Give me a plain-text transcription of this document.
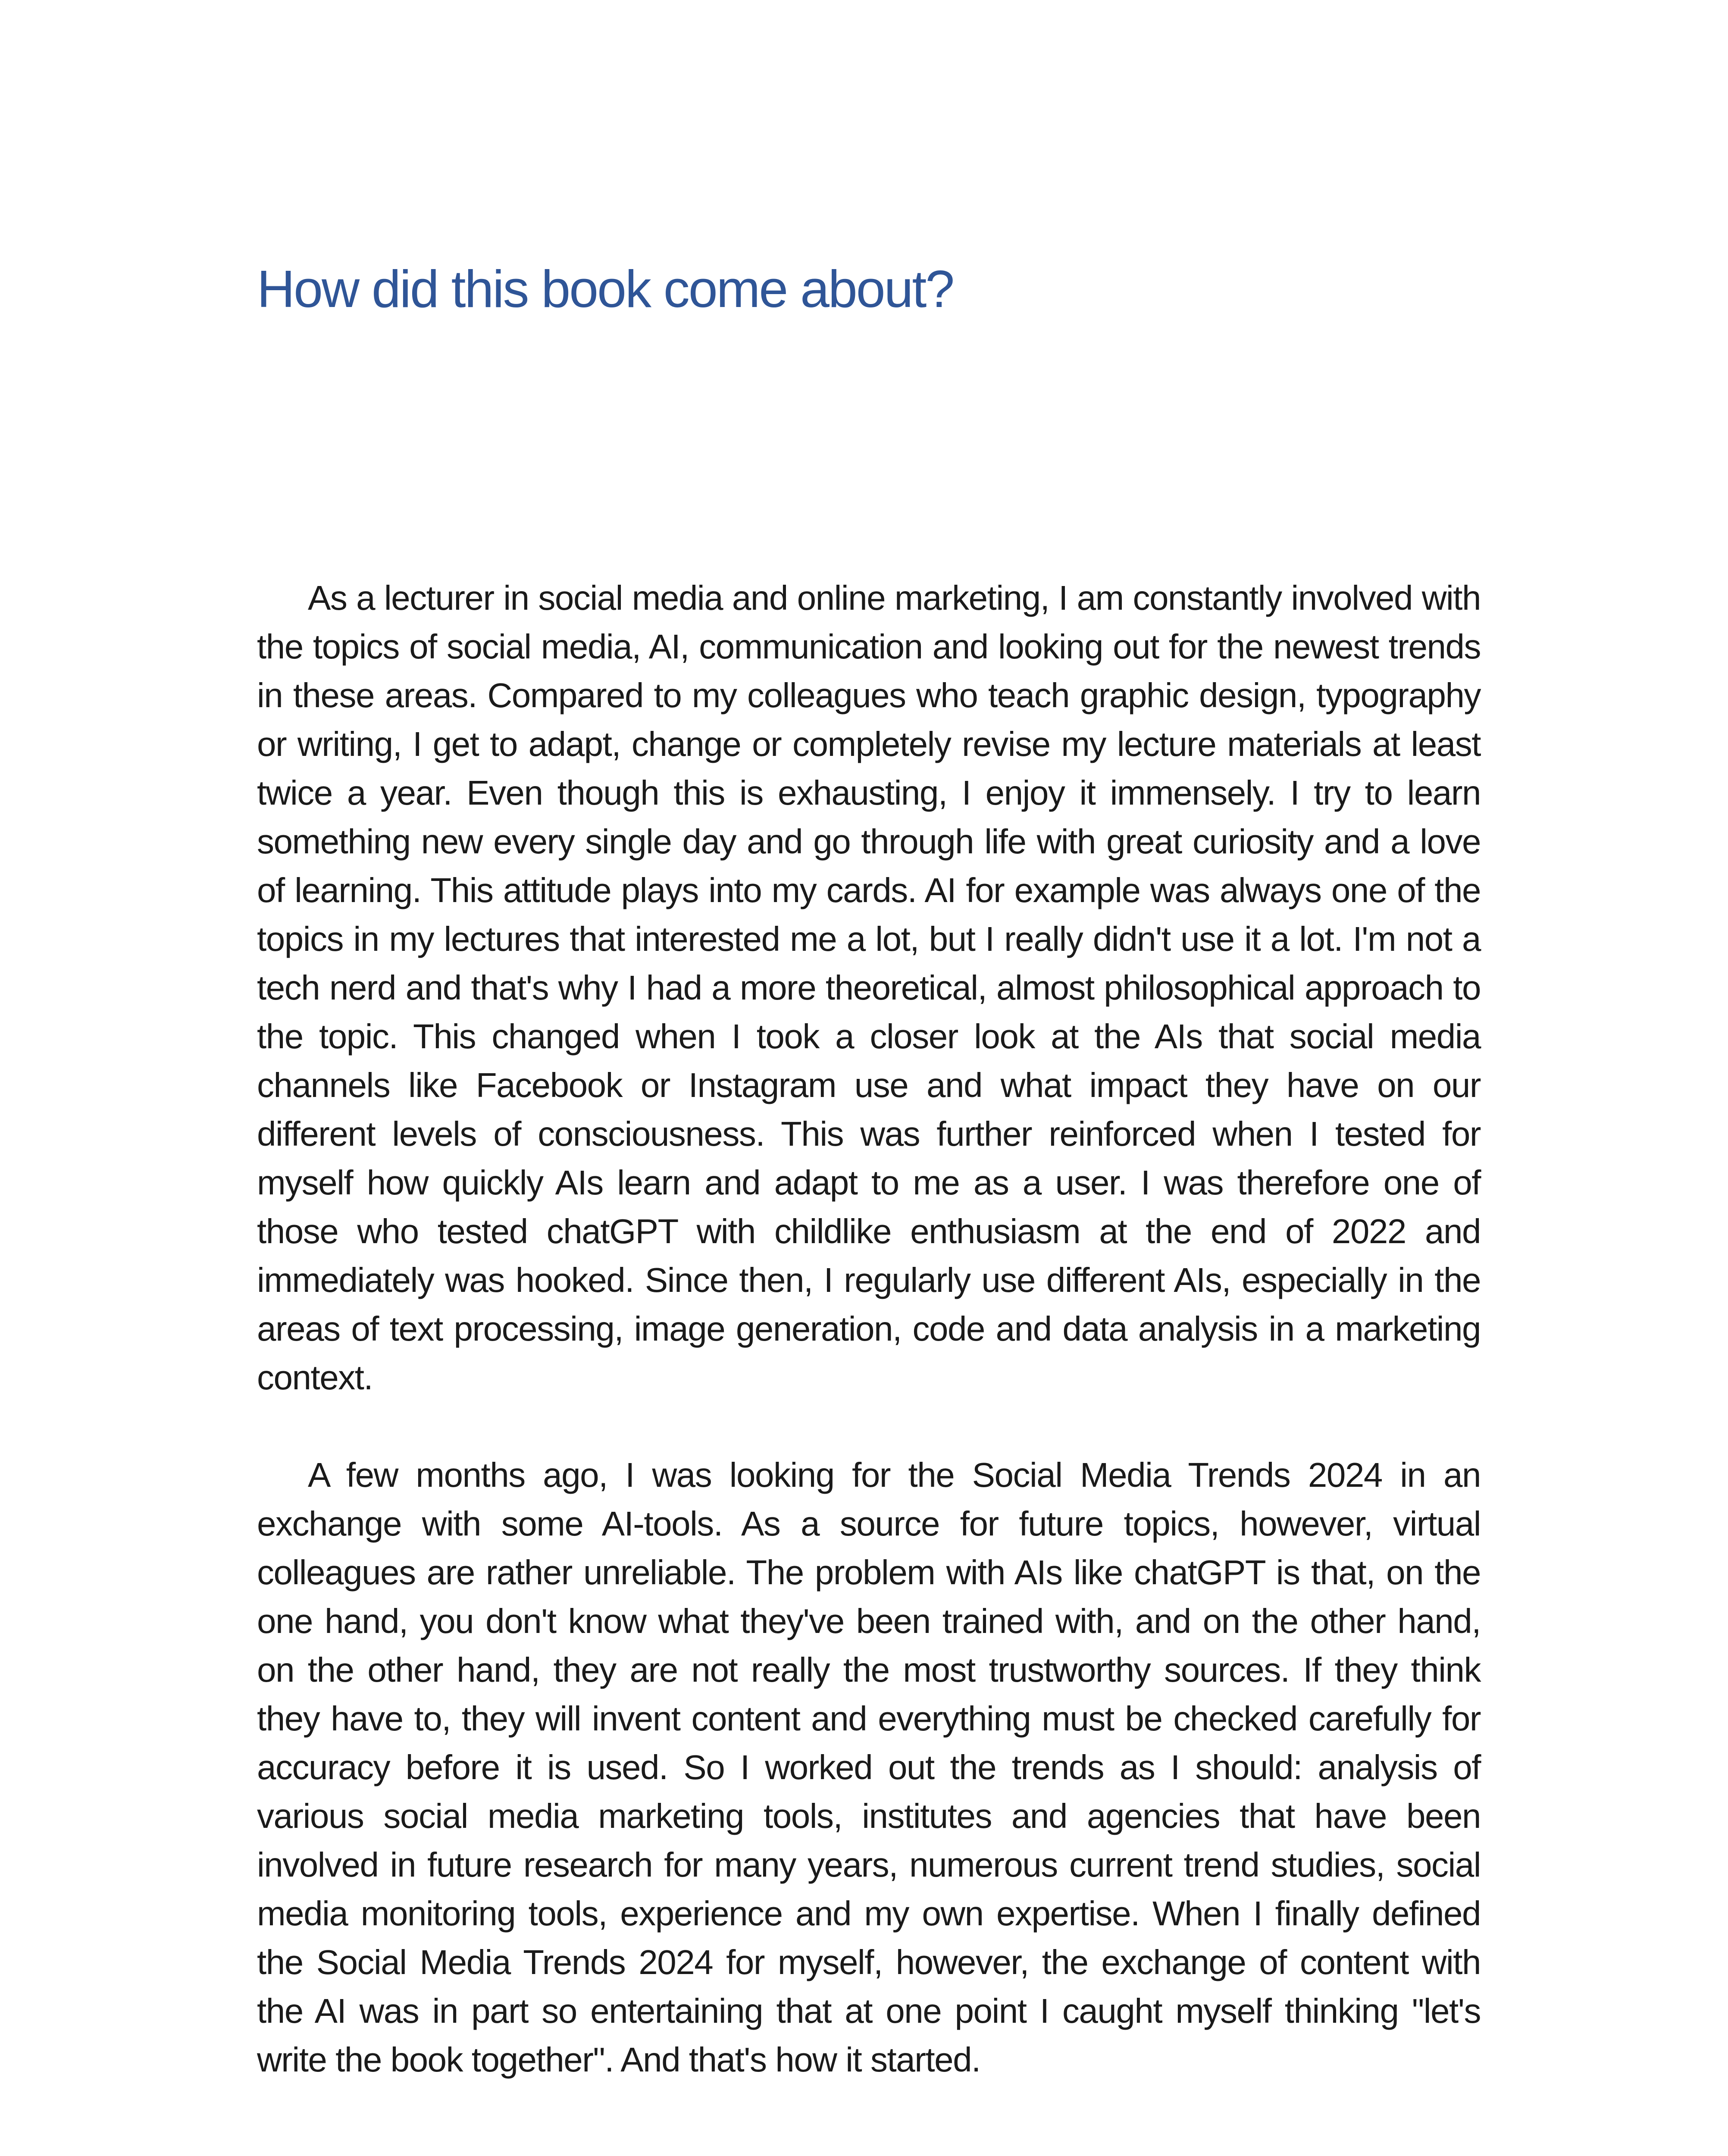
How did this book come about?

As a lecturer in social media and online marketing, I am constantly involved with the topics of social media, AI, communication and looking out for the newest trends in these areas. Compared to my colleagues who teach graphic design, typography or writing, I get to adapt, change or completely revise my lecture materials at least twice a year. Even though this is exhausting, I enjoy it immensely. I try to learn something new every single day and go through life with great curiosity and a love of learning. This attitude plays into my cards. AI for example was always one of the topics in my lectures that interested me a lot, but I really didn't use it a lot. I'm not a tech nerd and that's why I had a more theoretical, almost philosophical approach to the topic. This changed when I took a closer look at the AIs that social media channels like Facebook or Instagram use and what impact they have on our different levels of consciousness. This was further reinforced when I tested for myself how quickly AIs learn and adapt to me as a user. I was therefore one of those who tested chatGPT with childlike enthusiasm at the end of 2022 and immediately was hooked. Since then, I regularly use different AIs, especially in the areas of text processing, image generation, code and data analysis in a marketing context.

A few months ago, I was looking for the Social Media Trends 2024 in an exchange with some AI-tools. As a source for future topics, however, virtual colleagues are rather unreliable. The problem with AIs like chatGPT is that, on the one hand, you don't know what they've been trained with, and on the other hand, on the other hand, they are not really the most trustworthy sources. If they think they have to, they will invent content and everything must be checked carefully for accuracy before it is used. So I worked out the trends as I should: analysis of various social media marketing tools, institutes and agencies that have been involved in future research for many years, numerous current trend studies, social media monitoring tools, experience and my own expertise. When I finally defined the Social Media Trends 2024 for myself, however, the exchange of content with the AI was in part so entertaining that at one point I caught myself thinking "let's write the book together". And that's how it started.
